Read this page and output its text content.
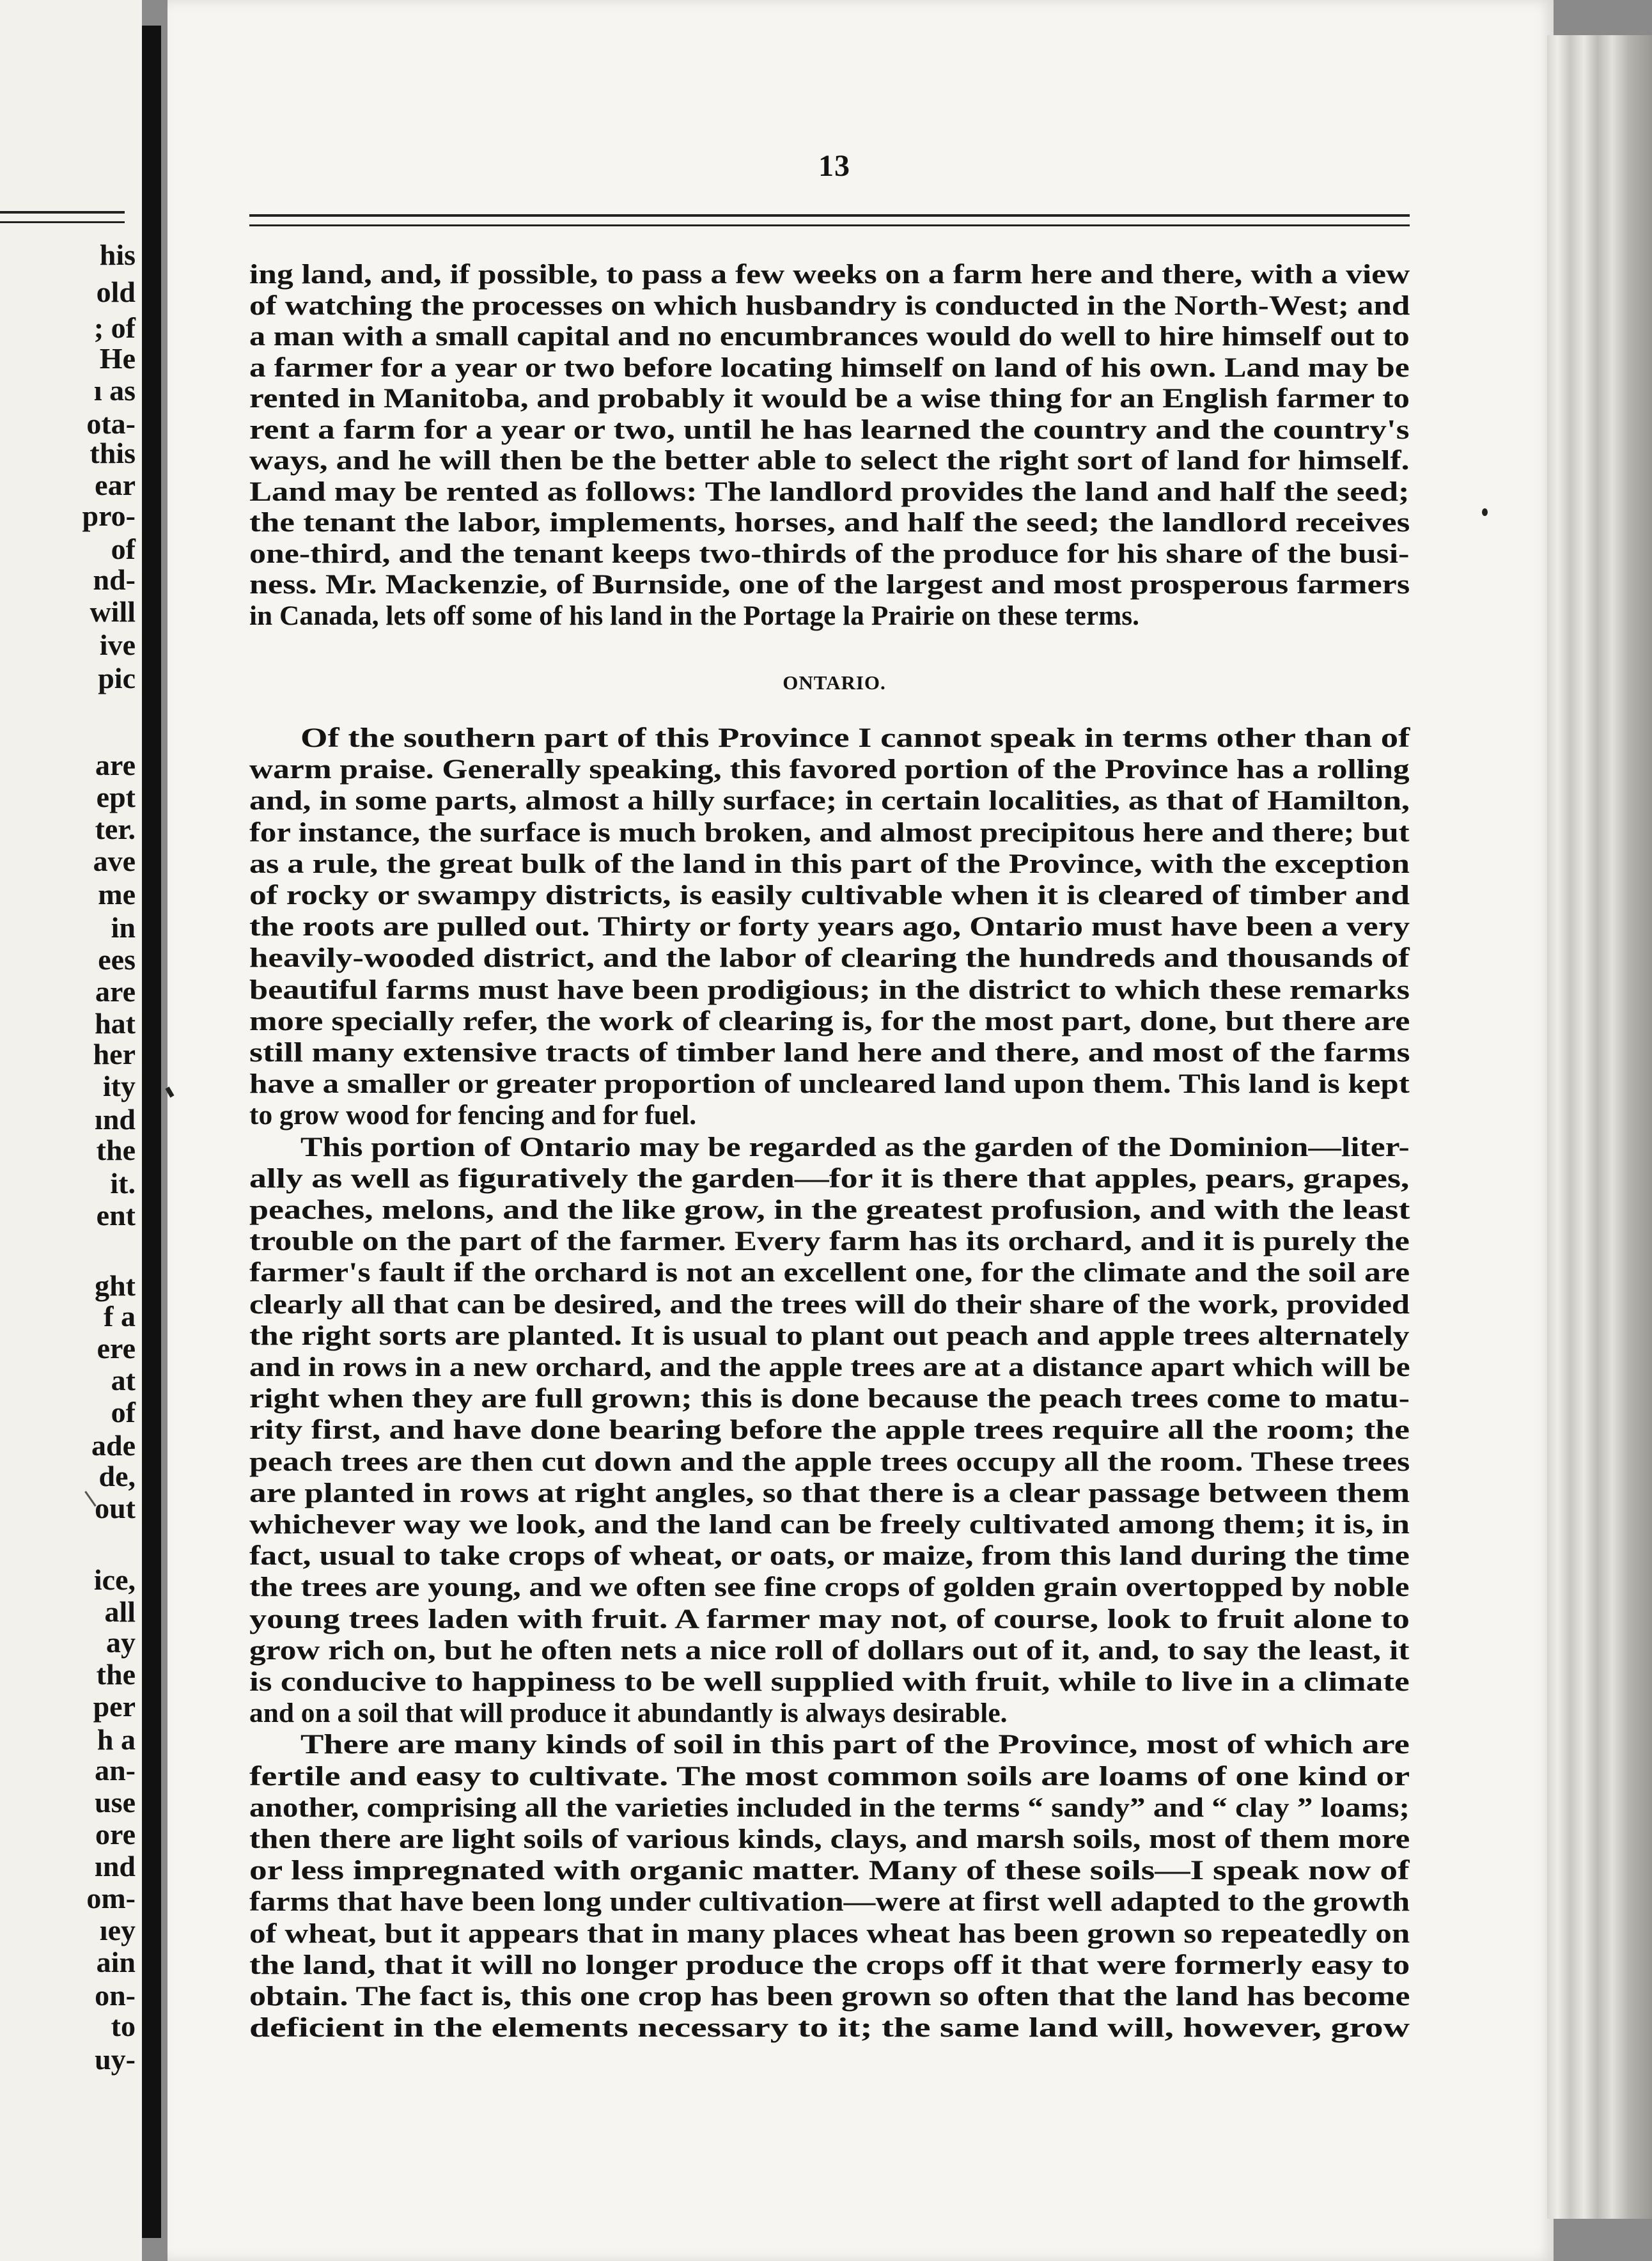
his
old
; of
He
ı as
ota-
this
ear
pro-
of
nd-
will
ive
pic
are
ept
ter.
ave
me
in
ees
are
hat
her
ity
ınd
the
it.
ent
ght
f a
ere
at
of
ade
de,
out
ice,
all
ay
the
per
h a
an-
use
ore
ınd
om-
ıey
ain
on-
to
uy-
13
ing land, and, if possible, to pass a few weeks on a farm here and there, with a view
of watching the processes on which husbandry is conducted in the North-West; and
a man with a small capital and no encumbrances would do well to hire himself out to
a farmer for a year or two before locating himself on land of his own. Land may be
rented in Manitoba, and probably it would be a wise thing for an English farmer to
rent a farm for a year or two, until he has learned the country and the country's
ways, and he will then be the better able to select the right sort of land for himself.
Land may be rented as follows: The landlord provides the land and half the seed;
the tenant the labor, implements, horses, and half the seed; the landlord receives
one-third, and the tenant keeps two-thirds of the produce for his share of the busi-
ness. Mr. Mackenzie, of Burnside, one of the largest and most prosperous farmers
in Canada, lets off some of his land in the Portage la Prairie on these terms.
ONTARIO.
Of the southern part of this Province I cannot speak in terms other than of
warm praise. Generally speaking, this favored portion of the Province has a rolling
and, in some parts, almost a hilly surface; in certain localities, as that of Hamilton,
for instance, the surface is much broken, and almost precipitous here and there; but
as a rule, the great bulk of the land in this part of the Province, with the exception
of rocky or swampy districts, is easily cultivable when it is cleared of timber and
the roots are pulled out. Thirty or forty years ago, Ontario must have been a very
heavily-wooded district, and the labor of clearing the hundreds and thousands of
beautiful farms must have been prodigious; in the district to which these remarks
more specially refer, the work of clearing is, for the most part, done, but there are
still many extensive tracts of timber land here and there, and most of the farms
have a smaller or greater proportion of uncleared land upon them. This land is kept
to grow wood for fencing and for fuel.
This portion of Ontario may be regarded as the garden of the Dominion—liter-
ally as well as figuratively the garden—for it is there that apples, pears, grapes,
peaches, melons, and the like grow, in the greatest profusion, and with the least
trouble on the part of the farmer. Every farm has its orchard, and it is purely the
farmer's fault if the orchard is not an excellent one, for the climate and the soil are
clearly all that can be desired, and the trees will do their share of the work, provided
the right sorts are planted. It is usual to plant out peach and apple trees alternately
and in rows in a new orchard, and the apple trees are at a distance apart which will be
right when they are full grown; this is done because the peach trees come to matu-
rity first, and have done bearing before the apple trees require all the room; the
peach trees are then cut down and the apple trees occupy all the room. These trees
are planted in rows at right angles, so that there is a clear passage between them
whichever way we look, and the land can be freely cultivated among them; it is, in
fact, usual to take crops of wheat, or oats, or maize, from this land during the time
the trees are young, and we often see fine crops of golden grain overtopped by noble
young trees laden with fruit. A farmer may not, of course, look to fruit alone to
grow rich on, but he often nets a nice roll of dollars out of it, and, to say the least, it
is conducive to happiness to be well supplied with fruit, while to live in a climate
and on a soil that will produce it abundantly is always desirable.
There are many kinds of soil in this part of the Province, most of which are
fertile and easy to cultivate. The most common soils are loams of one kind or
another, comprising all the varieties included in the terms “ sandy” and “ clay ” loams;
then there are light soils of various kinds, clays, and marsh soils, most of them more
or less impregnated with organic matter. Many of these soils—I speak now of
farms that have been long under cultivation—were at first well adapted to the growth
of wheat, but it appears that in many places wheat has been grown so repeatedly on
the land, that it will no longer produce the crops off it that were formerly easy to
obtain. The fact is, this one crop has been grown so often that the land has become
deficient in the elements necessary to it; the same land will, however, grow
